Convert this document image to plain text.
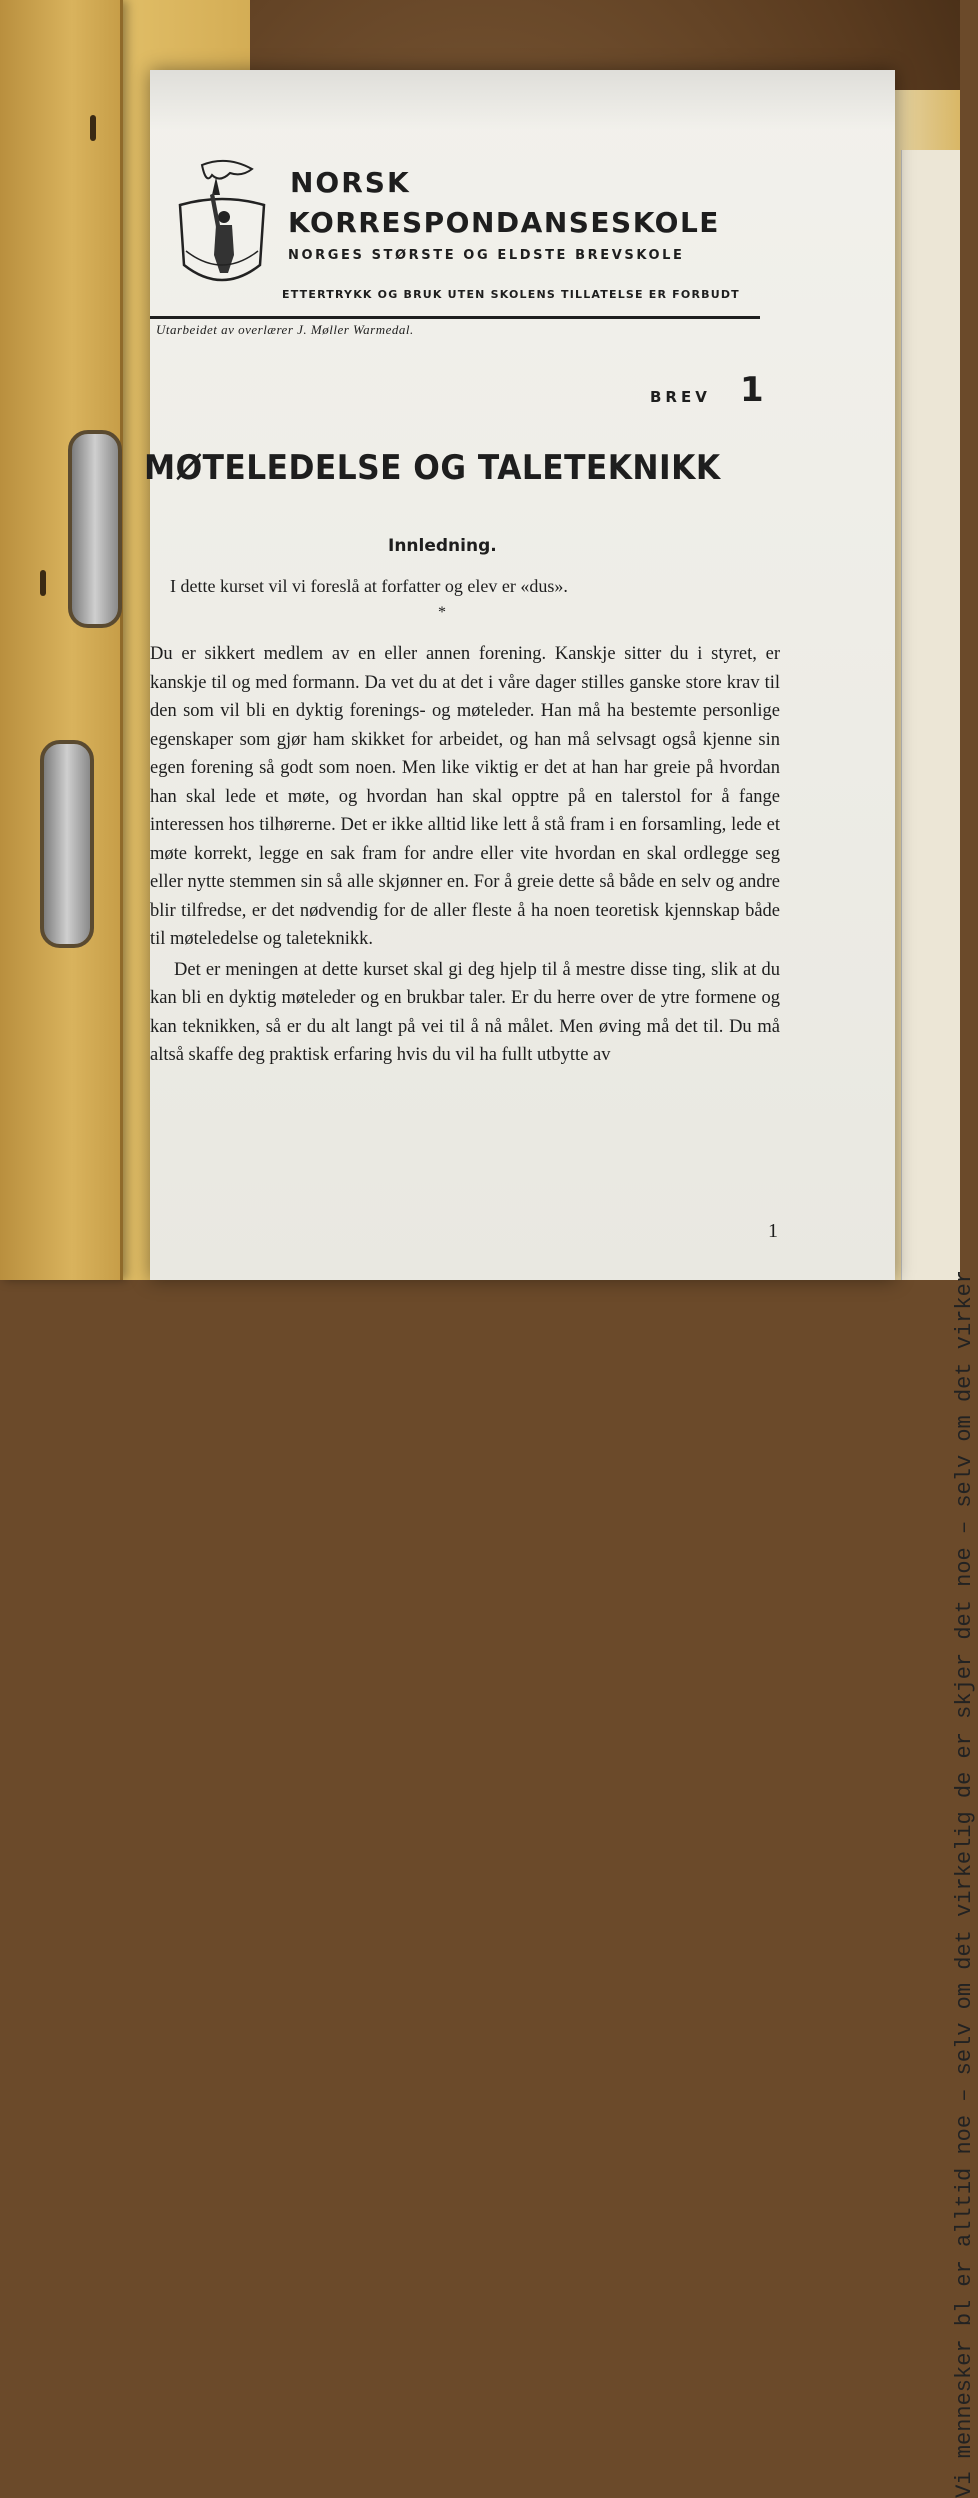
Vi mennesker bl er alltid noe – selv om det virkelig de er skjer det noe – selv om det virker
NORSK
KORRESPONDANSESKOLE
NORGES STØRSTE OG ELDSTE BREVSKOLE
ETTERTRYKK OG BRUK UTEN SKOLENS TILLATELSE ER FORBUDT
Utarbeidet av overlærer J. Møller Warmedal.
BREV 1
MØTELEDELSE OG TALETEKNIKK
Innledning.
I dette kurset vil vi foreslå at forfatter og elev er «dus».
*

Du er sikkert medlem av en eller annen forening. Kanskje sitter du i styret, er kanskje til og med formann. Da vet du at det i våre dager stilles ganske store krav til den som vil bli en dyktig forenings- og møteleder. Han må ha bestemte personlige egenskaper som gjør ham skikket for arbeidet, og han må selvsagt også kjenne sin egen forening så godt som noen. Men like viktig er det at han har greie på hvordan han skal lede et møte, og hvordan han skal opptre på en talerstol for å fange interessen hos tilhørerne. Det er ikke alltid like lett å stå fram i en forsamling, lede et møte korrekt, legge en sak fram for andre eller vite hvordan en skal ordlegge seg eller nytte stemmen sin så alle skjønner en. For å greie dette så både en selv og andre blir tilfredse, er det nødvendig for de aller fleste å ha noen teoretisk kjennskap både til møteledelse og taleteknikk.

Det er meningen at dette kurset skal gi deg hjelp til å mestre disse ting, slik at du kan bli en dyktig møteleder og en brukbar taler. Er du herre over de ytre formene og kan teknikken, så er du alt langt på vei til å nå målet. Men øving må det til. Du må altså skaffe deg praktisk erfaring hvis du vil ha fullt utbytte av

1
